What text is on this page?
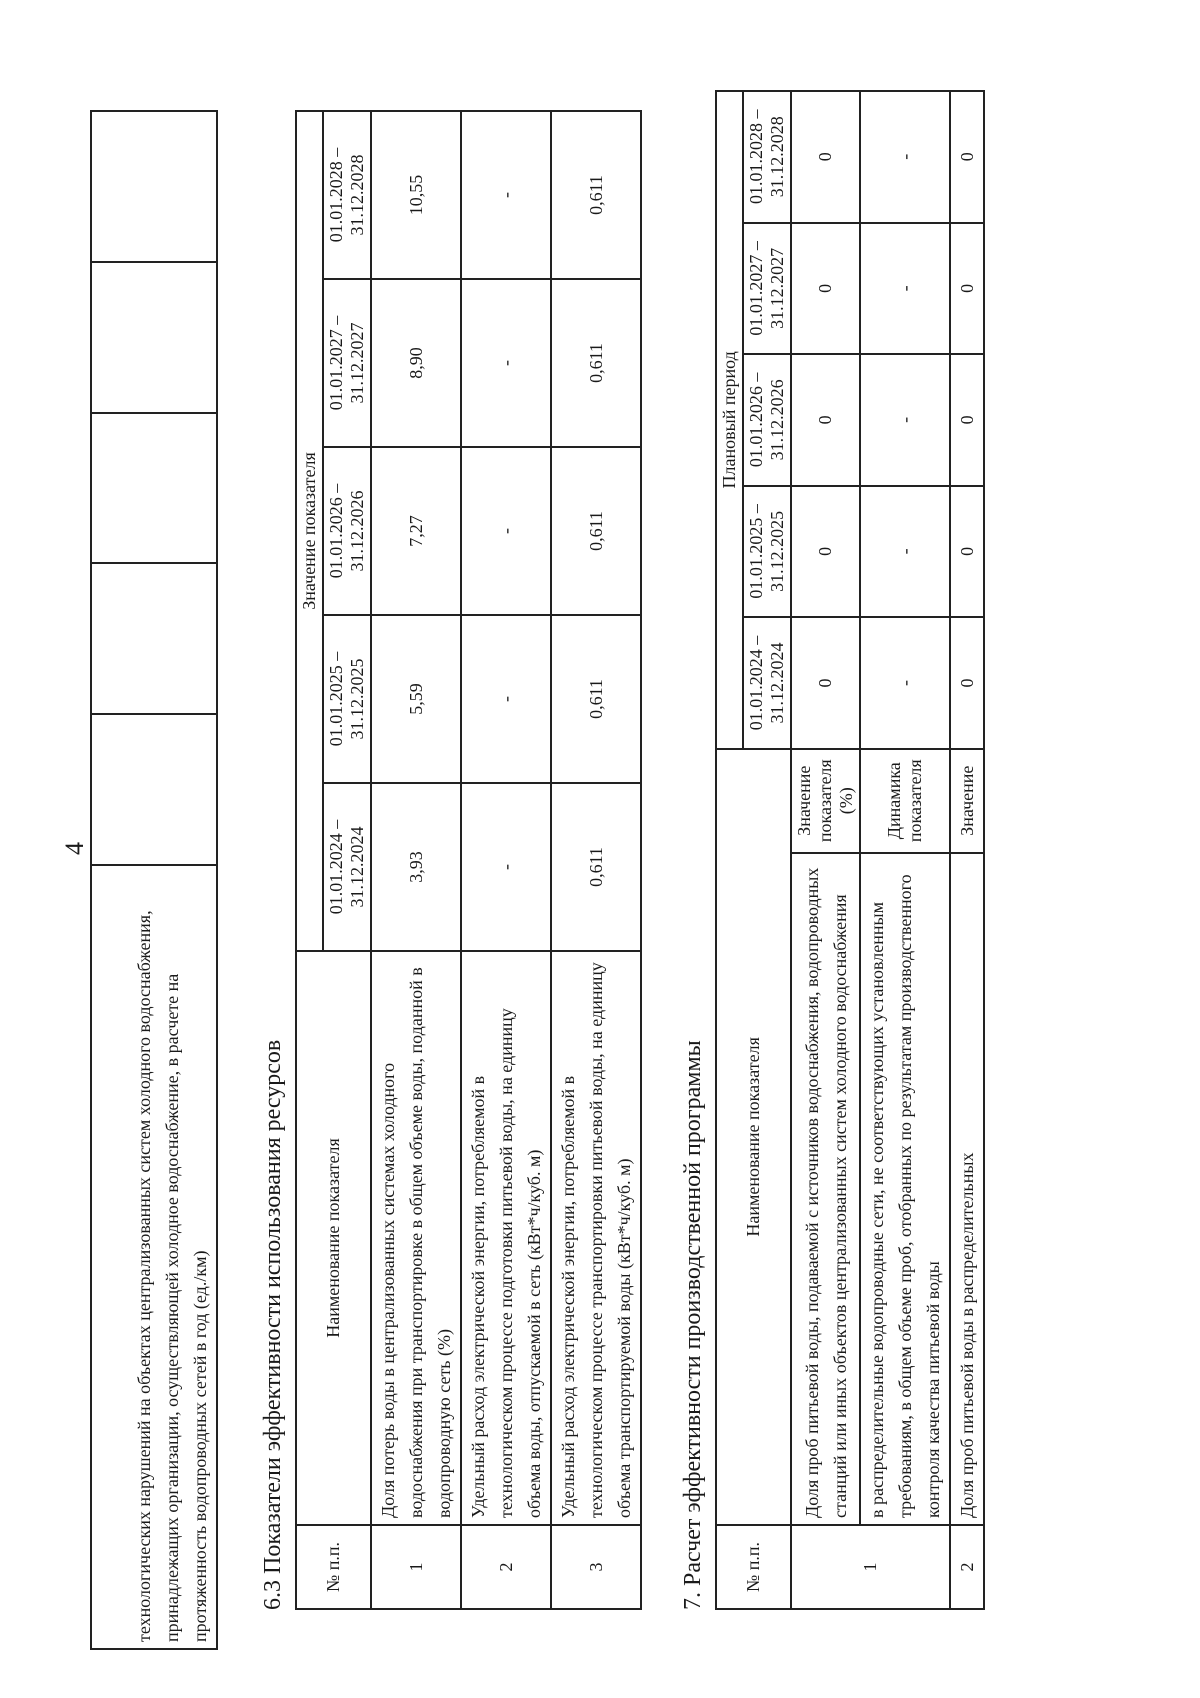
4
технологических нарушений на объектах централизованных систем холодного водоснабжения, принадлежащих организации, осуществляющей холодное водоснабжение, в расчете на протяженность водопроводных сетей в год (ед./км)					6.3 Показатели эффективности использования ресурсов № п.п.	Наименование показателя	Значение показателя				
		01.01.2024 – 31.12.2024	01.01.2025 – 31.12.2025	01.01.2026 – 31.12.2026	01.01.2027 – 31.12.2027	01.01.2028 – 31.12.2028
1	Доля потерь воды в централизованных системах холодного водоснабжения при транспортировке в общем объеме воды, поданной в водопроводную сеть (%)	3,93	5,59	7,27	8,90	10,55
2	Удельный расход электрической энергии, потребляемой в технологическом процессе подготовки питьевой воды, на единицу объема воды, отпускаемой в сеть (кВт*ч/куб. м)	-	-	-	-	-
3	Удельный расход электрической энергии, потребляемой в технологическом процессе транспортировки питьевой воды, на единицу объема транспортируемой воды (кВт*ч/куб. м)	0,611	0,611	0,611	0,611	0,611
7. Расчет эффективности производственной программы № п.п.	Наименование показателя		Плановый период				
			01.01.2024 – 31.12.2024	01.01.2025 – 31.12.2025	01.01.2026 – 31.12.2026	01.01.2027 – 31.12.2027	01.01.2028 – 31.12.2028
1	Доля проб питьевой воды, подаваемой с источников водоснабжения, водопроводных станций или иных объектов централизованных систем холодного водоснабжения	Значение показателя (%)	0	0	0	0	0
	в распределительные водопроводные сети, не соответствующих установленным требованиям, в общем объеме проб, отобранных по результатам производственного контроля качества питьевой воды	Динамика показателя	-	-	-	-	-
2	Доля проб питьевой воды в распределительных	Значение	0	0	0	0	0
